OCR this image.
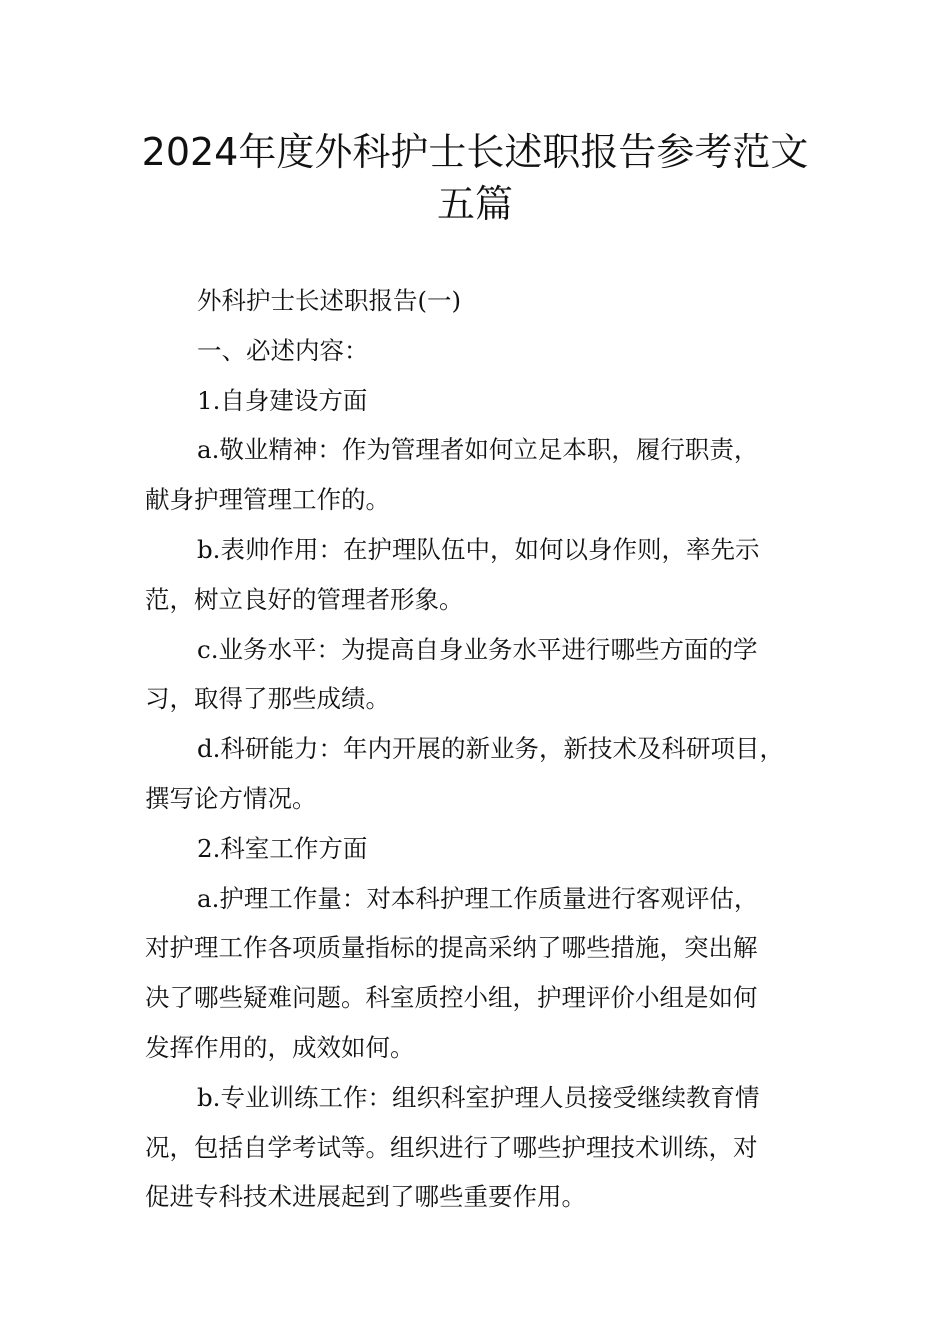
2024年度外科护士长述职报告参考范文
五篇

外科护士长述职报告(一)

一、必述内容：

1.自身建设方面

a.敬业精神：作为管理者如何立足本职，履行职责，

献身护理管理工作的。

b.表帅作用：在护理队伍中，如何以身作则，率先示

范，树立良好的管理者形象。

c.业务水平：为提高自身业务水平进行哪些方面的学

习，取得了那些成绩。

d.科研能力：年内开展的新业务，新技术及科研项目，

撰写论方情况。

2.科室工作方面

a.护理工作量：对本科护理工作质量进行客观评估，

对护理工作各项质量指标的提高采纳了哪些措施，突出解

决了哪些疑难问题。科室质控小组，护理评价小组是如何

发挥作用的，成效如何。

b.专业训练工作：组织科室护理人员接受继续教育情

况，包括自学考试等。组织进行了哪些护理技术训练，对

促进专科技术进展起到了哪些重要作用。
